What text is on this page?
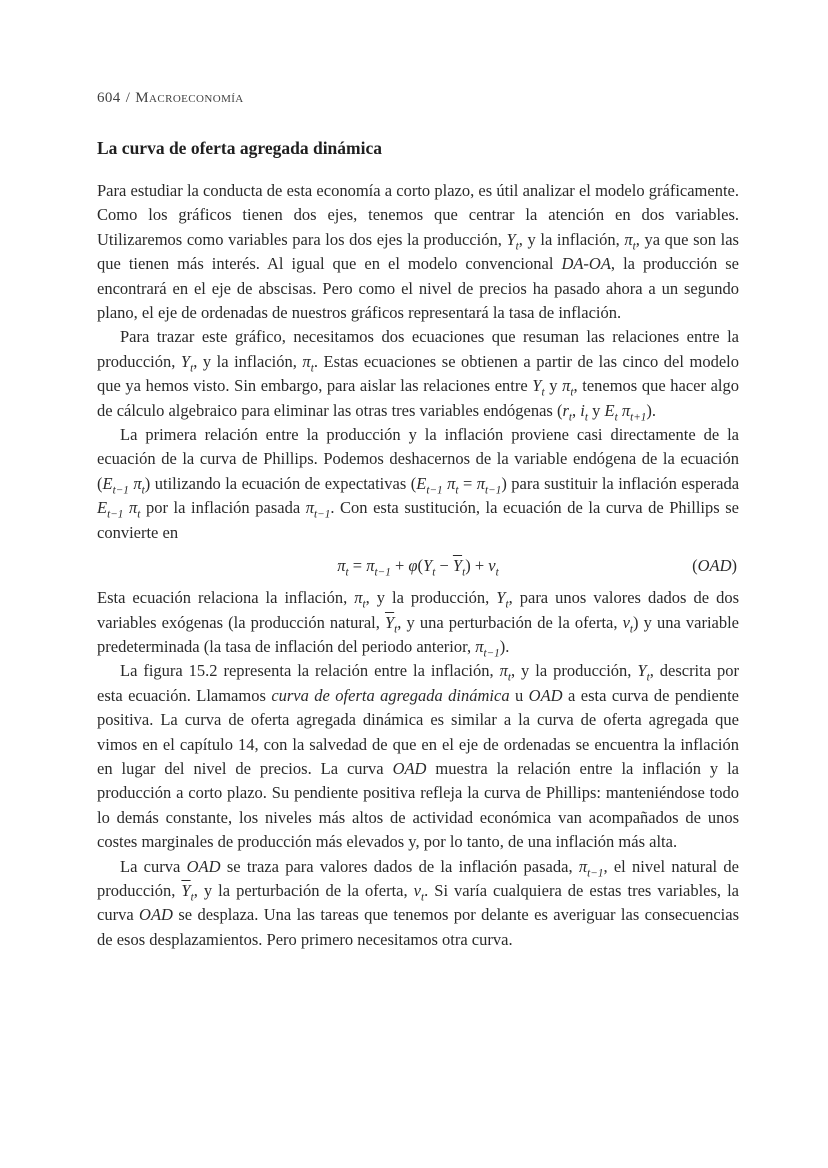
604 / Macroeconomía
La curva de oferta agregada dinámica

Para estudiar la conducta de esta economía a corto plazo, es útil analizar el modelo gráficamente. Como los gráficos tienen dos ejes, tenemos que centrar la atención en dos variables. Utilizaremos como variables para los dos ejes la producción, $Y_t$, y la inflación, $\pi_t$, ya que son las que tienen más interés. Al igual que en el modelo convencional DA-OA, la producción se encontrará en el eje de abscisas. Pero como el nivel de precios ha pasado ahora a un segundo plano, el eje de ordenadas de nuestros gráficos representará la tasa de inflación.

Para trazar este gráfico, necesitamos dos ecuaciones que resuman las relaciones entre la producción, $Y_t$, y la inflación, $\pi_t$. Estas ecuaciones se obtienen a partir de las cinco del modelo que ya hemos visto. Sin embargo, para aislar las relaciones entre $Y_t$ y $\pi_t$, tenemos que hacer algo de cálculo algebraico para eliminar las otras tres variables endógenas ($r_t$, $i_t$ y $E_t$ $\pi_{t+1}$).

La primera relación entre la producción y la inflación proviene casi directamente de la ecuación de la curva de Phillips. Podemos deshacernos de la variable endógena de la ecuación ($E_{t-1}$ $\pi_t$) utilizando la ecuación de expectativas ($E_{t-1}$ $\pi_t = \pi_{t-1}$) para sustituir la inflación esperada $E_{t-1}$ $\pi_t$ por la inflación pasada $\pi_{t-1}$. Con esta sustitución, la ecuación de la curva de Phillips se convierte en

$\pi_t = \pi_{t-1} + \varphi(Y_t - \overline{Y}_t) + v_t$	(OAD)

Esta ecuación relaciona la inflación, $\pi_t$, y la producción, $Y_t$, para unos valores dados de dos variables exógenas (la producción natural, $\overline{Y}_t$, y una perturbación de la oferta, $v_t$) y una variable predeterminada (la tasa de inflación del periodo anterior, $\pi_{t-1}$).

La figura 15.2 representa la relación entre la inflación, $\pi_t$, y la producción, $Y_t$, descrita por esta ecuación. Llamamos curva de oferta agregada dinámica u OAD a esta curva de pendiente positiva. La curva de oferta agregada dinámica es similar a la curva de oferta agregada que vimos en el capítulo 14, con la salvedad de que en el eje de ordenadas se encuentra la inflación en lugar del nivel de precios. La curva OAD muestra la relación entre la inflación y la producción a corto plazo. Su pendiente positiva refleja la curva de Phillips: manteniéndose todo lo demás constante, los niveles más altos de actividad económica van acompañados de unos costes marginales de producción más elevados y, por lo tanto, de una inflación más alta.

La curva OAD se traza para valores dados de la inflación pasada, $\pi_{t-1}$, el nivel natural de producción, $\overline{Y}_t$, y la perturbación de la oferta, $v_t$. Si varía cualquiera de estas tres variables, la curva OAD se desplaza. Una las tareas que tenemos por delante es averiguar las consecuencias de esos desplazamientos. Pero primero necesitamos otra curva.
